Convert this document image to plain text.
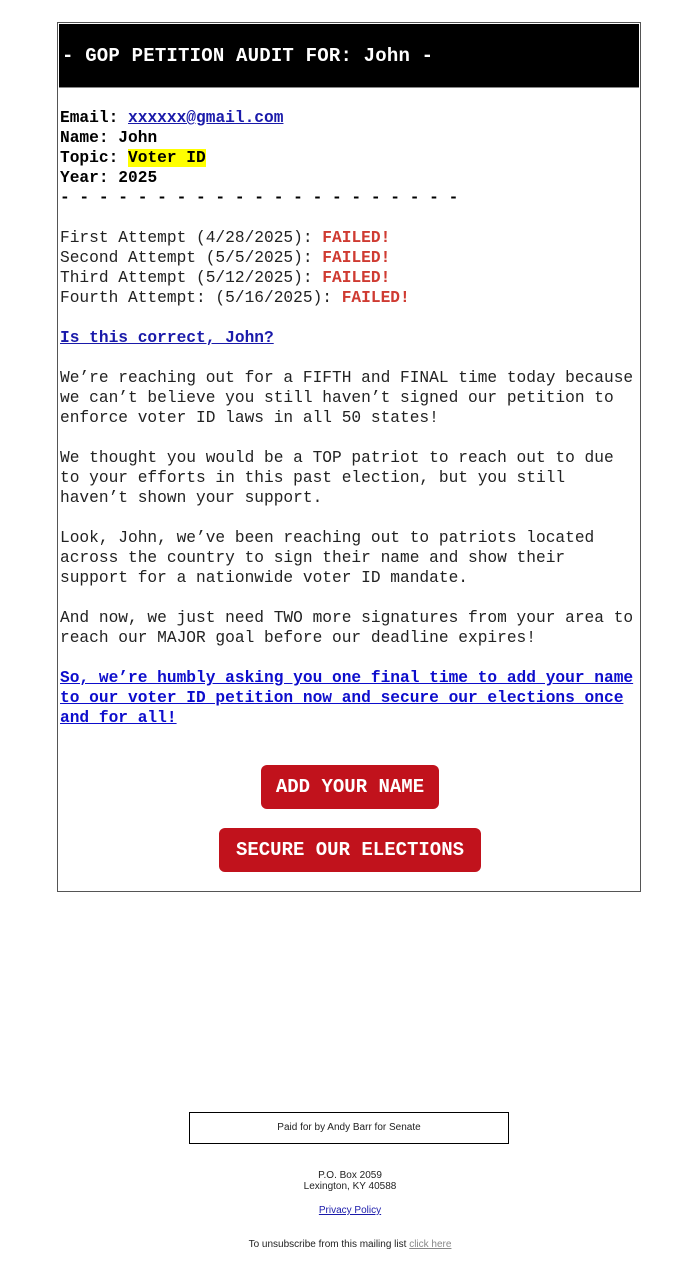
- GOP PETITION AUDIT FOR: John -
Email: xxxxxx@gmail.com
Name: John
Topic: Voter ID
Year: 2025
- - - - - - - - - - - - - - - - - - - - -
First Attempt (4/28/2025): FAILED!
Second Attempt (5/5/2025): FAILED!
Third Attempt (5/12/2025): FAILED!
Fourth Attempt: (5/16/2025): FAILED!
Is this correct, John?

We’re reaching out for a FIFTH and FINAL time today because we can’t believe you still haven’t signed our petition to enforce voter ID laws in all 50 states!

We thought you would be a TOP patriot to reach out to due to your efforts in this past election, but you still haven’t shown your support.

Look, John, we’ve been reaching out to patriots located across the country to sign their name and show their support for a nationwide voter ID mandate.

And now, we just need TWO more signatures from your area to reach our MAJOR goal before our deadline expires!

So, we’re humbly asking you one final time to add your name to our voter ID petition now and secure our elections once and for all!
ADD YOUR NAME
SECURE OUR ELECTIONS
Paid for by Andy Barr for Senate
P.O. Box 2059
Lexington, KY 40588
Privacy Policy
To unsubscribe from this mailing list click here
